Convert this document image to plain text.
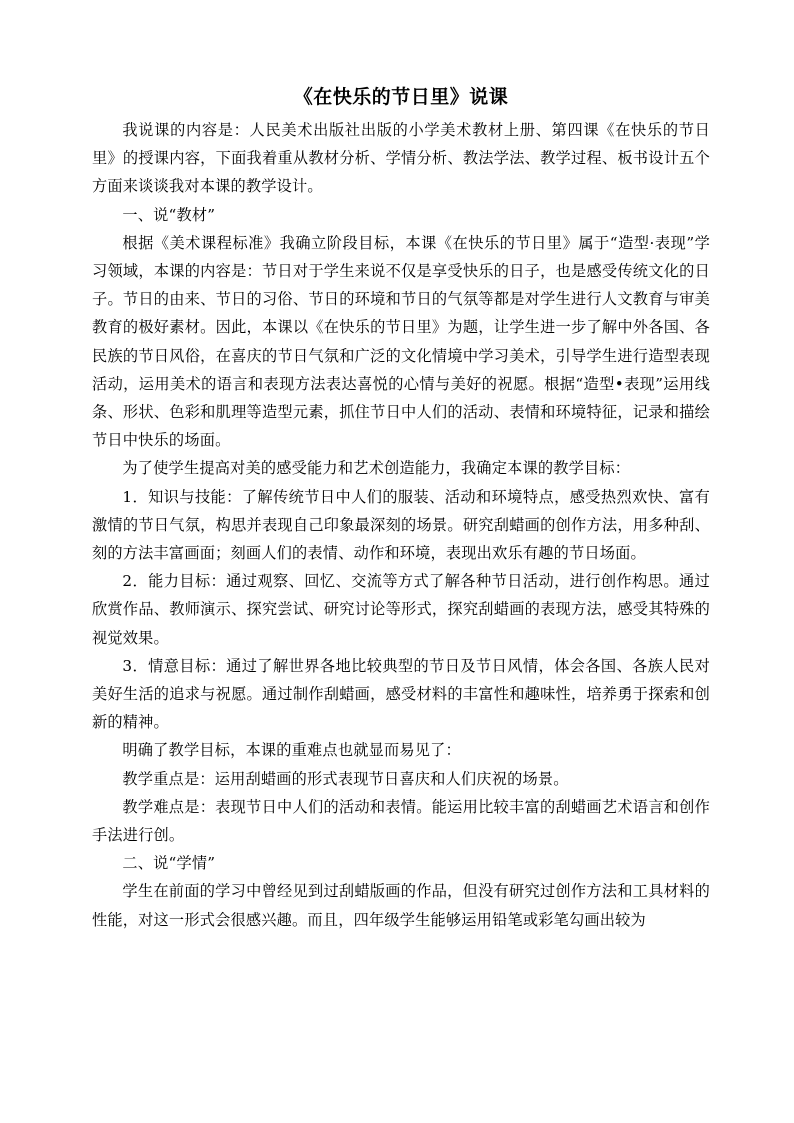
《在快乐的节日里》说课

我说课的内容是：人民美术出版社出版的小学美术教材上册、第四课《在快乐的节日里》的授课内容，下面我着重从教材分析、学情分析、教法学法、教学过程、板书设计五个方面来谈谈我对本课的教学设计。

一、说“教材”

根据《美术课程标准》我确立阶段目标，本课《在快乐的节日里》属于“造型·表现”学习领域，本课的内容是：节日对于学生来说不仅是享受快乐的日子，也是感受传统文化的日子。节日的由来、节日的习俗、节日的环境和节日的气氛等都是对学生进行人文教育与审美教育的极好素材。因此，本课以《在快乐的节日里》为题，让学生进一步了解中外各国、各民族的节日风俗，在喜庆的节日气氛和广泛的文化情境中学习美术，引导学生进行造型表现活动，运用美术的语言和表现方法表达喜悦的心情与美好的祝愿。根据“造型•表现”运用线条、形状、色彩和肌理等造型元素，抓住节日中人们的活动、表情和环境特征，记录和描绘节日中快乐的场面。

为了使学生提高对美的感受能力和艺术创造能力，我确定本课的教学目标：

1．知识与技能：了解传统节日中人们的服装、活动和环境特点，感受热烈欢快、富有激情的节日气氛，构思并表现自己印象最深刻的场景。研究刮蜡画的创作方法，用多种刮、刻的方法丰富画面；刻画人们的表情、动作和环境，表现出欢乐有趣的节日场面。

2．能力目标：通过观察、回忆、交流等方式了解各种节日活动，进行创作构思。通过欣赏作品、教师演示、探究尝试、研究讨论等形式，探究刮蜡画的表现方法，感受其特殊的视觉效果。

3．情意目标：通过了解世界各地比较典型的节日及节日风情，体会各国、各族人民对美好生活的追求与祝愿。通过制作刮蜡画，感受材料的丰富性和趣味性，培养勇于探索和创新的精神。

明确了教学目标，本课的重难点也就显而易见了：

教学重点是：运用刮蜡画的形式表现节日喜庆和人们庆祝的场景。

教学难点是：表现节日中人们的活动和表情。能运用比较丰富的刮蜡画艺术语言和创作手法进行创。

二、说“学情”

学生在前面的学习中曾经见到过刮蜡版画的作品，但没有研究过创作方法和工具材料的性能，对这一形式会很感兴趣。而且，四年级学生能够运用铅笔或彩笔勾画出较为
